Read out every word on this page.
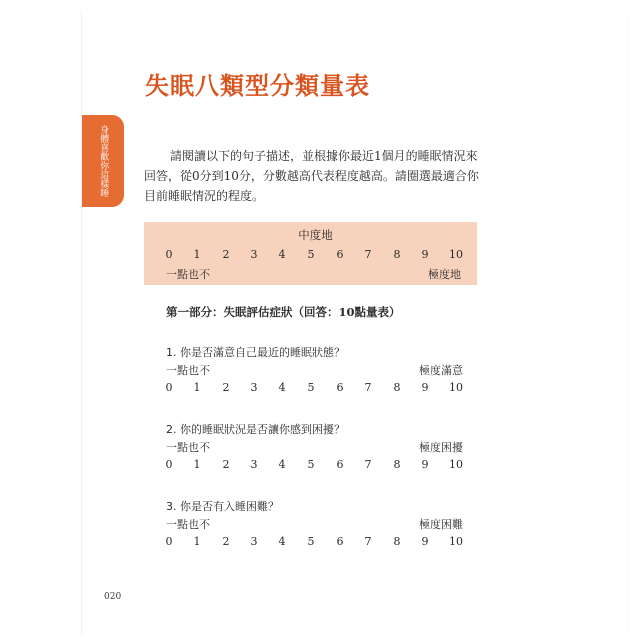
失眠八類型分類量表
身體喜歡你這樣睡	請閱讀以下的句子描述，並根據你最近1個月的睡眠情況來回答，從0分到10分，分數越高代表程度越高。請圈選最適合你目前睡眠情況的程度。
中度地
0	1	2	3	4	5	6	7	8	9	10
一點也不	極度地
第一部分：失眠評估症狀（回答：10點量表）
1. 你是否滿意自己最近的睡眠狀態？
一點也不	極度滿意
0	1	2	3	4	5	6	7	8	9	10
2. 你的睡眠狀況是否讓你感到困擾？
一點也不	極度困擾
0	1	2	3	4	5	6	7	8	9	10
3. 你是否有入睡困難？
一點也不	極度困難
0	1	2	3	4	5	6	7	8	9	10
020
